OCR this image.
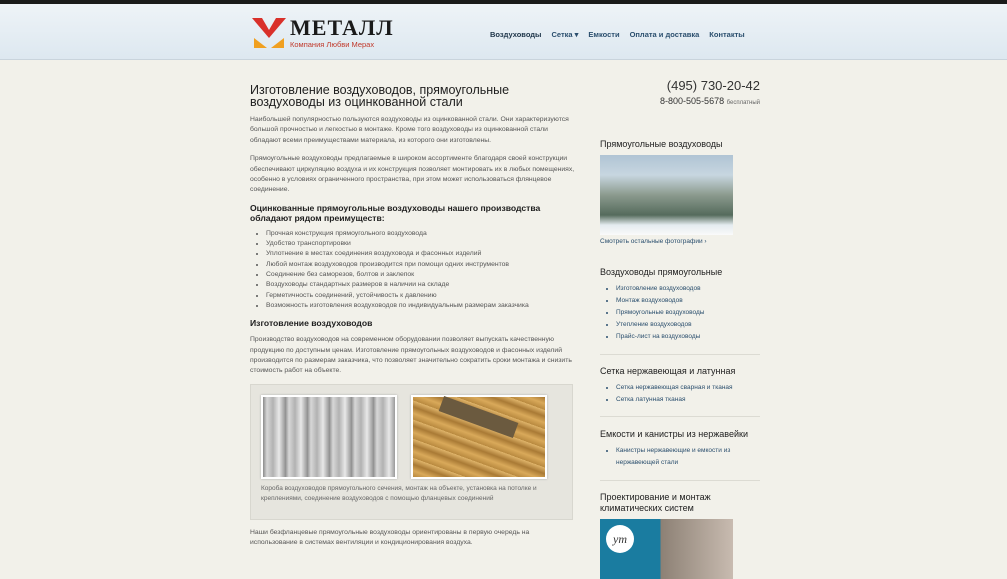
МЕТАЛЛ
Компания Любви Мерах
Воздуховоды Сетка ▾ Емкости Оплата и доставка Контакты
Изготовление воздуховодов, прямоугольные воздуховоды из оцинкованной стали
Наибольшей популярностью пользуются воздуховоды из оцинкованной стали. Они характеризуются большой прочностью и легкостью в монтаже. Кроме того воздуховоды из оцинкованной стали обладают всеми преимуществами материала, из которого они изготовлены.
Прямоугольные воздуховоды предлагаемые в широком ассортименте благодаря своей конструкции обеспечивают циркуляцию воздуха и их конструкция позволяет монтировать их в любых помещениях, особенно в условиях ограниченного пространства, при этом может использоваться флянцевое соединение.
Оцинкованные прямоугольные воздуховоды нашего производства обладают рядом преимуществ:
• Прочная конструкция прямоугольного воздуховода
• Удобство транспортировки
• Уплотнение в местах соединения воздуховода и фасонных изделий
• Любой монтаж воздуховодов производится при помощи одних инструментов
• Соединение без саморезов, болтов и заклепок
• Воздуховоды стандартных размеров в наличии на складе
• Герметичность соединений, устойчивость к давлению
• Возможность изготовления воздуховодов по индивидуальным размерам заказчика
Изготовление воздуховодов
Производство воздуховодов на современном оборудовании позволяет выпускать качественную продукцию по доступным ценам. Изготовление прямоугольных воздуховодов и фасонных изделий производится по размерам заказчика, что позволяет значительно сократить сроки монтажа и снизить стоимость работ на объекте.
Короба воздуховодов прямоугольного сечения, монтаж на объекте, установка на потолке и креплениями, соединение воздуховодов с помощью фланцевых соединений
Наши безфланцевые прямоугольные воздуховоды ориентированы в первую очередь на использование в системах вентиляции и кондиционирования воздуха.
(495) 730-20-42
8-800-505-5678 бесплатный
Прямоугольные воздуховоды
Смотреть остальные фотографии ›
Воздуховоды прямоугольные
• Изготовление воздуховодов
• Монтаж воздуховодов
• Прямоугольные воздуховоды
• Утепление воздуховодов
• Прайс-лист на воздуховоды
Сетка нержавеющая и латунная
• Сетка нержавеющая сварная и тканая
• Сетка латунная тканая
Емкости и канистры из нержавейки
• Канистры нержавеющие и емкости из нержавеющей стали
Проектирование и монтаж климатических систем
ym
